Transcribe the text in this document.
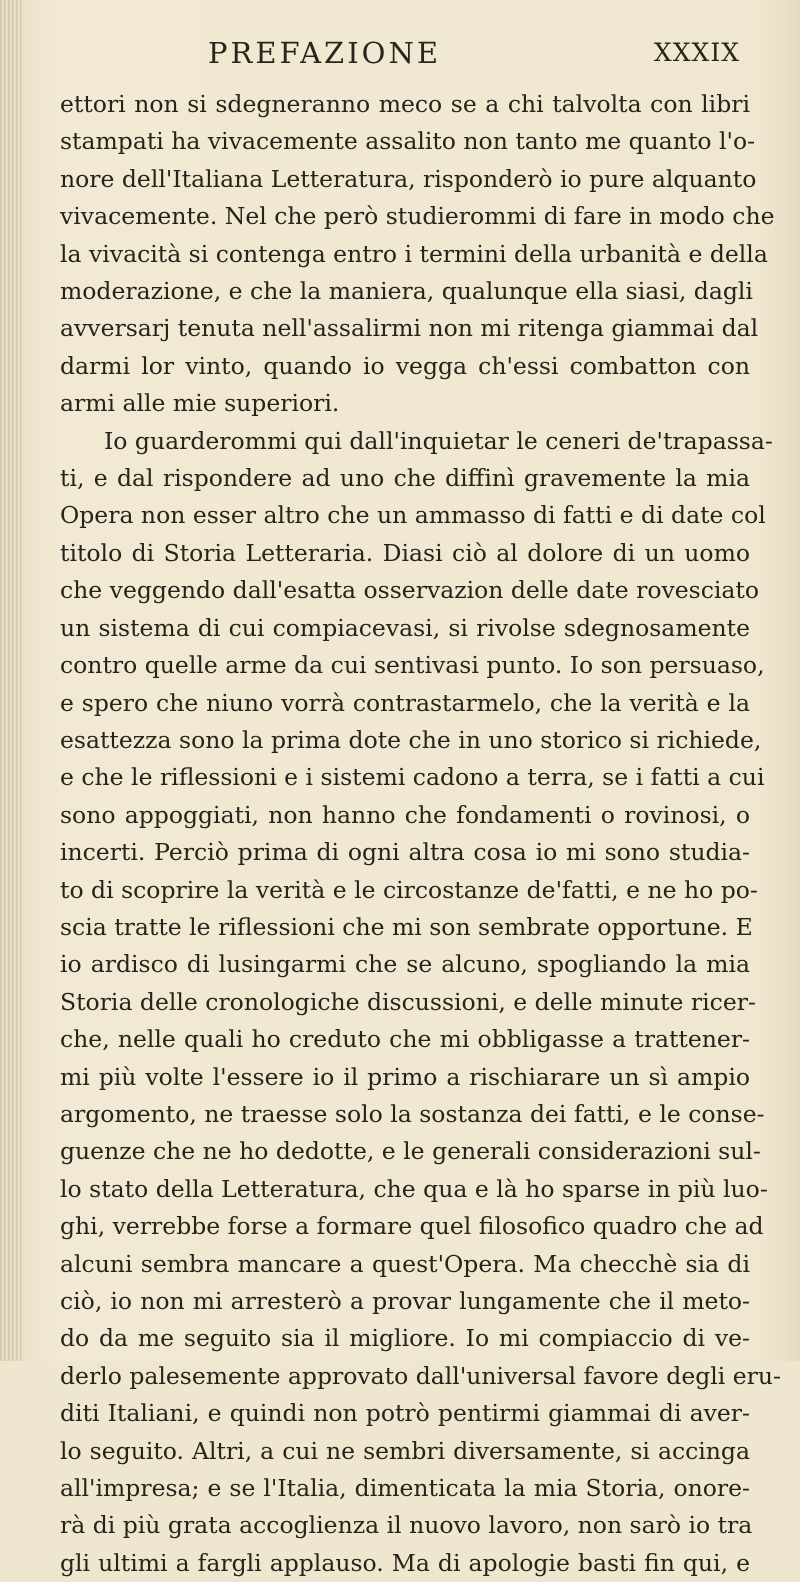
PREFAZIONE	XXXIX
ettori non si sdegneranno meco se a chi talvolta con libri
stampati ha vivacemente assalito non tanto me quanto l'o-
nore dell'Italiana Letteratura, risponderò io pure alquanto
vivacemente. Nel che però studierommi di fare in modo che
la vivacità si contenga entro i termini della urbanità e della
moderazione, e che la maniera, qualunque ella siasi, dagli
avversarj tenuta nell'assalirmi non mi ritenga giammai dal
darmi lor vinto, quando io vegga ch'essi combatton con
armi alle mie superiori.
Io guarderommi qui dall'inquietar le ceneri de'trapassa-
ti, e dal rispondere ad uno che diffinì gravemente la mia
Opera non esser altro che un ammasso di fatti e di date col
titolo di Storia Letteraria. Diasi ciò al dolore di un uomo
che veggendo dall'esatta osservazion delle date rovesciato
un sistema di cui compiacevasi, si rivolse sdegnosamente
contro quelle arme da cui sentivasi punto. Io son persuaso,
e spero che niuno vorrà contrastarmelo, che la verità e la
esattezza sono la prima dote che in uno storico si richiede,
e che le riflessioni e i sistemi cadono a terra, se i fatti a cui
sono appoggiati, non hanno che fondamenti o rovinosi, o
incerti. Perciò prima di ogni altra cosa io mi sono studia-
to di scoprire la verità e le circostanze de'fatti, e ne ho po-
scia tratte le riflessioni che mi son sembrate opportune. E
io ardisco di lusingarmi che se alcuno, spogliando la mia
Storia delle cronologiche discussioni, e delle minute ricer-
che, nelle quali ho creduto che mi obbligasse a trattener-
mi più volte l'essere io il primo a rischiarare un sì ampio
argomento, ne traesse solo la sostanza dei fatti, e le conse-
guenze che ne ho dedotte, e le generali considerazioni sul-
lo stato della Letteratura, che qua e là ho sparse in più luo-
ghi, verrebbe forse a formare quel filosofico quadro che ad
alcuni sembra mancare a quest'Opera. Ma checchè sia di
ciò, io non mi arresterò a provar lungamente che il meto-
do da me seguito sia il migliore. Io mi compiaccio di ve-
derlo palesemente approvato dall'universal favore degli eru-
diti Italiani, e quindi non potrò pentirmi giammai di aver-
lo seguito. Altri, a cui ne sembri diversamente, si accinga
all'impresa; e se l'Italia, dimenticata la mia Storia, onore-
rà di più grata accoglienza il nuovo lavoro, non sarò io tra
gli ultimi a fargli applauso. Ma di apologie basti fin qui, e
